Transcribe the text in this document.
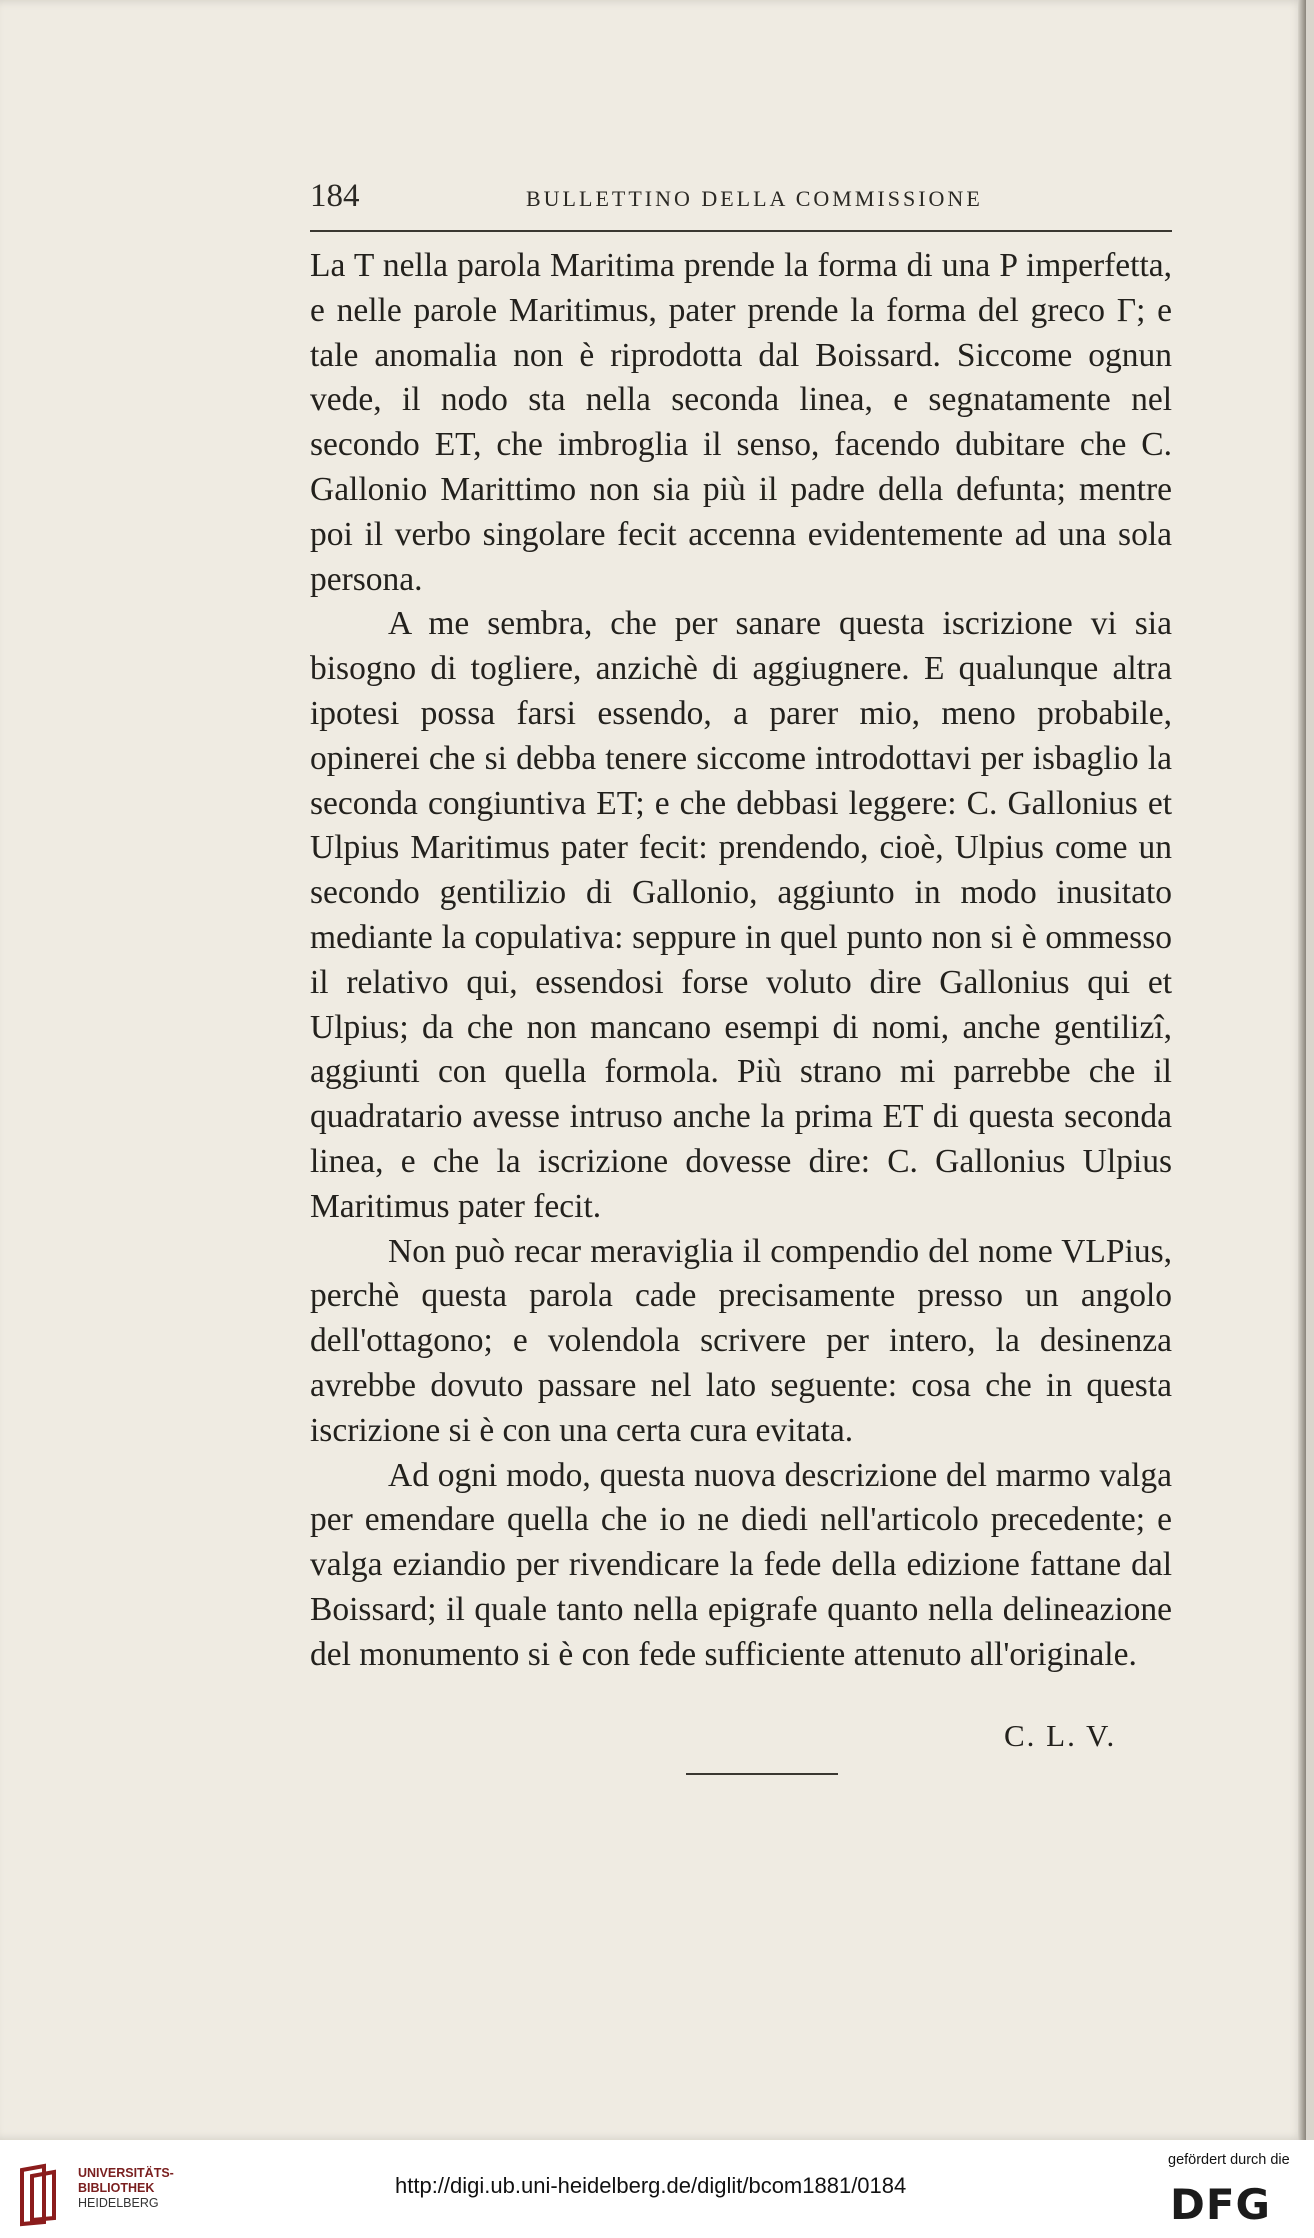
184	BULLETTINO DELLA COMMISSIONE

La T nella parola Maritima prende la forma di una P imperfetta, e nelle parole Maritimus, pater prende la forma del greco Γ; e tale anomalia non è riprodotta dal Boissard. Siccome ognun vede, il nodo sta nella seconda linea, e segnatamente nel secondo ET, che imbroglia il senso, facendo dubitare che C. Gallonio Marittimo non sia più il padre della defunta; mentre poi il verbo singolare fecit accenna evidentemente ad una sola persona.

A me sembra, che per sanare questa iscrizione vi sia bisogno di togliere, anzichè di aggiugnere. E qualunque altra ipotesi possa farsi essendo, a parer mio, meno probabile, opinerei che si debba tenere siccome introdottavi per isbaglio la seconda congiuntiva ET; e che debbasi leggere: C. Gallonius et Ulpius Maritimus pater fecit: prendendo, cioè, Ulpius come un secondo gentilizio di Gallonio, aggiunto in modo inusitato mediante la copulativa: seppure in quel punto non si è ommesso il relativo qui, essendosi forse voluto dire Gallonius qui et Ulpius; da che non mancano esempi di nomi, anche gentilizî, aggiunti con quella formola. Più strano mi parrebbe che il quadratario avesse intruso anche la prima ET di questa seconda linea, e che la iscrizione dovesse dire: C. Gallonius Ulpius Maritimus pater fecit.

Non può recar meraviglia il compendio del nome VLPius, perchè questa parola cade precisamente presso un angolo dell'ottagono; e volendola scrivere per intero, la desinenza avrebbe dovuto passare nel lato seguente: cosa che in questa iscrizione si è con una certa cura evitata.

Ad ogni modo, questa nuova descrizione del marmo valga per emendare quella che io ne diedi nell'articolo precedente; e valga eziandio per rivendicare la fede della edizione fattane dal Boissard; il quale tanto nella epigrafe quanto nella delineazione del monumento si è con fede sufficiente attenuto all'originale.

C. L. V.
UNIVERSITÄTS-
BIBLIOTHEK
HEIDELBERG
http://digi.ub.uni-heidelberg.de/diglit/bcom1881/0184
gefördert durch die
DFG
